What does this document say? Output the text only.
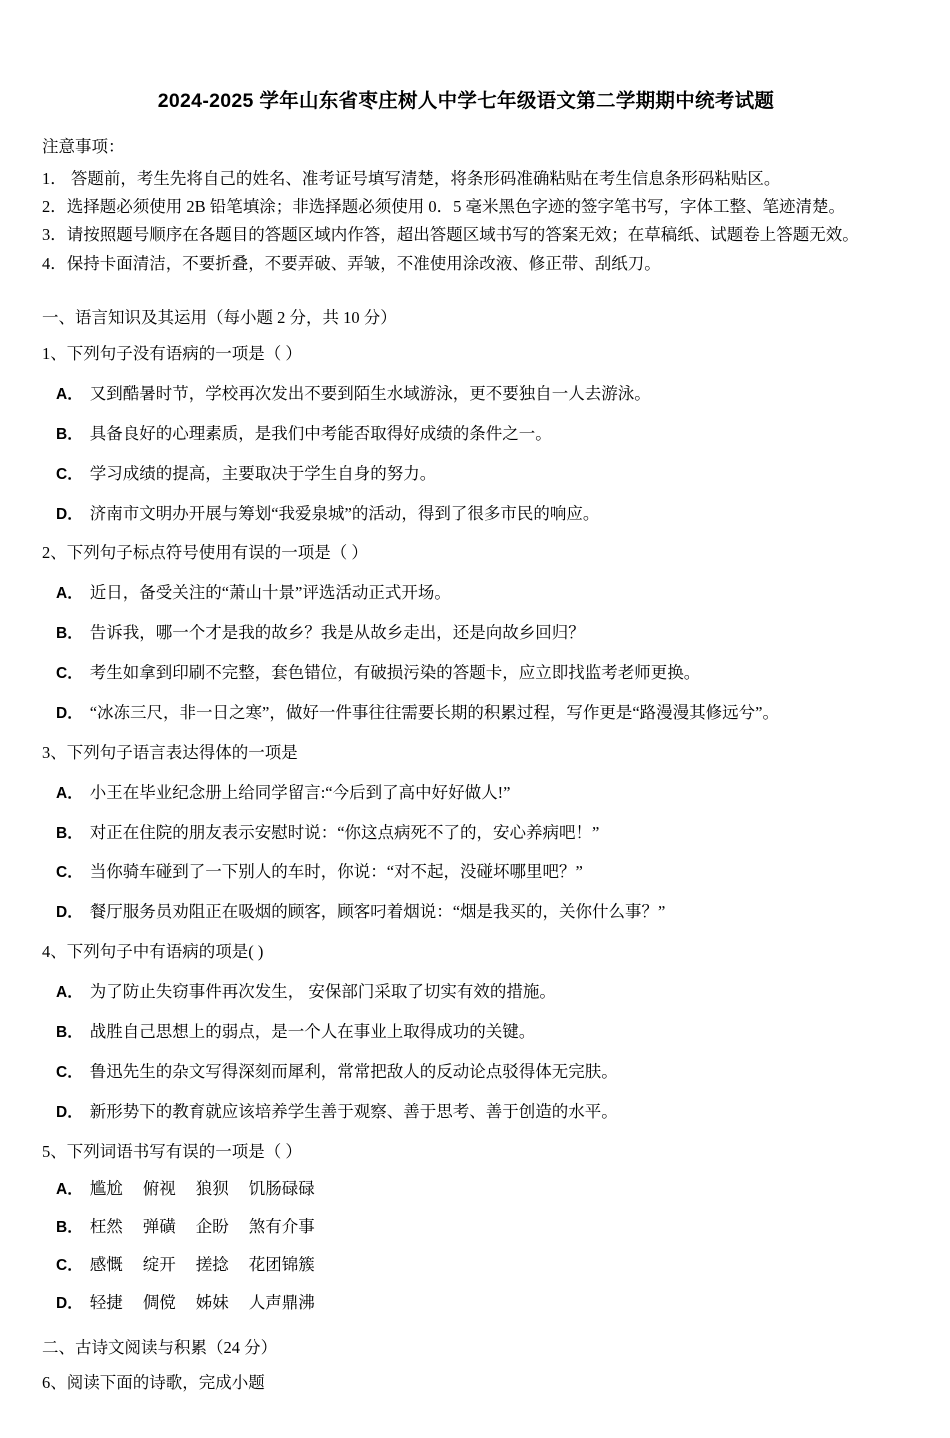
2024-2025 学年山东省枣庄树人中学七年级语文第二学期期中统考试题

注意事项：

1． 答题前，考生先将自己的姓名、准考证号填写清楚，将条形码准确粘贴在考生信息条形码粘贴区。

2．选择题必须使用 2B 铅笔填涂；非选择题必须使用 0．5 毫米黑色字迹的签字笔书写，字体工整、笔迹清楚。

3．请按照题号顺序在各题目的答题区域内作答，超出答题区域书写的答案无效；在草稿纸、试题卷上答题无效。

4．保持卡面清洁，不要折叠，不要弄破、弄皱，不准使用涂改液、修正带、刮纸刀。

一、语言知识及其运用（每小题 2 分，共 10 分）

1、下列句子没有语病的一项是（ ）

A． 又到酷暑时节，学校再次发出不要到陌生水域游泳，更不要独自一人去游泳。

B． 具备良好的心理素质，是我们中考能否取得好成绩的条件之一。

C． 学习成绩的提高，主要取决于学生自身的努力。

D． 济南市文明办开展与筹划“我爱泉城”的活动，得到了很多市民的响应。

2、下列句子标点符号使用有误的一项是（ ）

A． 近日，备受关注的“萧山十景”评选活动正式开场。

B． 告诉我，哪一个才是我的故乡？我是从故乡走出，还是向故乡回归？

C． 考生如拿到印刷不完整，套色错位，有破损污染的答题卡，应立即找监考老师更换。

D． “冰冻三尺，非一日之寒”，做好一件事往往需要长期的积累过程，写作更是“路漫漫其修远兮”。

3、下列句子语言表达得体的一项是

A． 小王在毕业纪念册上给同学留言:“今后到了高中好好做人!”

B． 对正在住院的朋友表示安慰时说：“你这点病死不了的，安心养病吧！”

C． 当你骑车碰到了一下别人的车时，你说：“对不起，没碰坏哪里吧？”

D． 餐厅服务员劝阻正在吸烟的顾客，顾客叼着烟说：“烟是我买的，关你什么事？”

4、下列句子中有语病的项是( )

A． 为了防止失窃事件再次发生， 安保部门采取了切实有效的措施。

B． 战胜自己思想上的弱点，是一个人在事业上取得成功的关键。

C． 鲁迅先生的杂文写得深刻而犀利，常常把敌人的反动论点驳得体无完肤。

D． 新形势下的教育就应该培养学生善于观察、善于思考、善于创造的水平。

5、下列词语书写有误的一项是（ ）

A． 尴尬 俯视 狼狈 饥肠碌碌

B． 枉然 弹磺 企盼 煞有介事

C． 感慨 绽开 搓捻 花团锦簇

D． 轻捷 倜傥 姊妹 人声鼎沸

二、古诗文阅读与积累（24 分）

6、阅读下面的诗歌，完成小题
